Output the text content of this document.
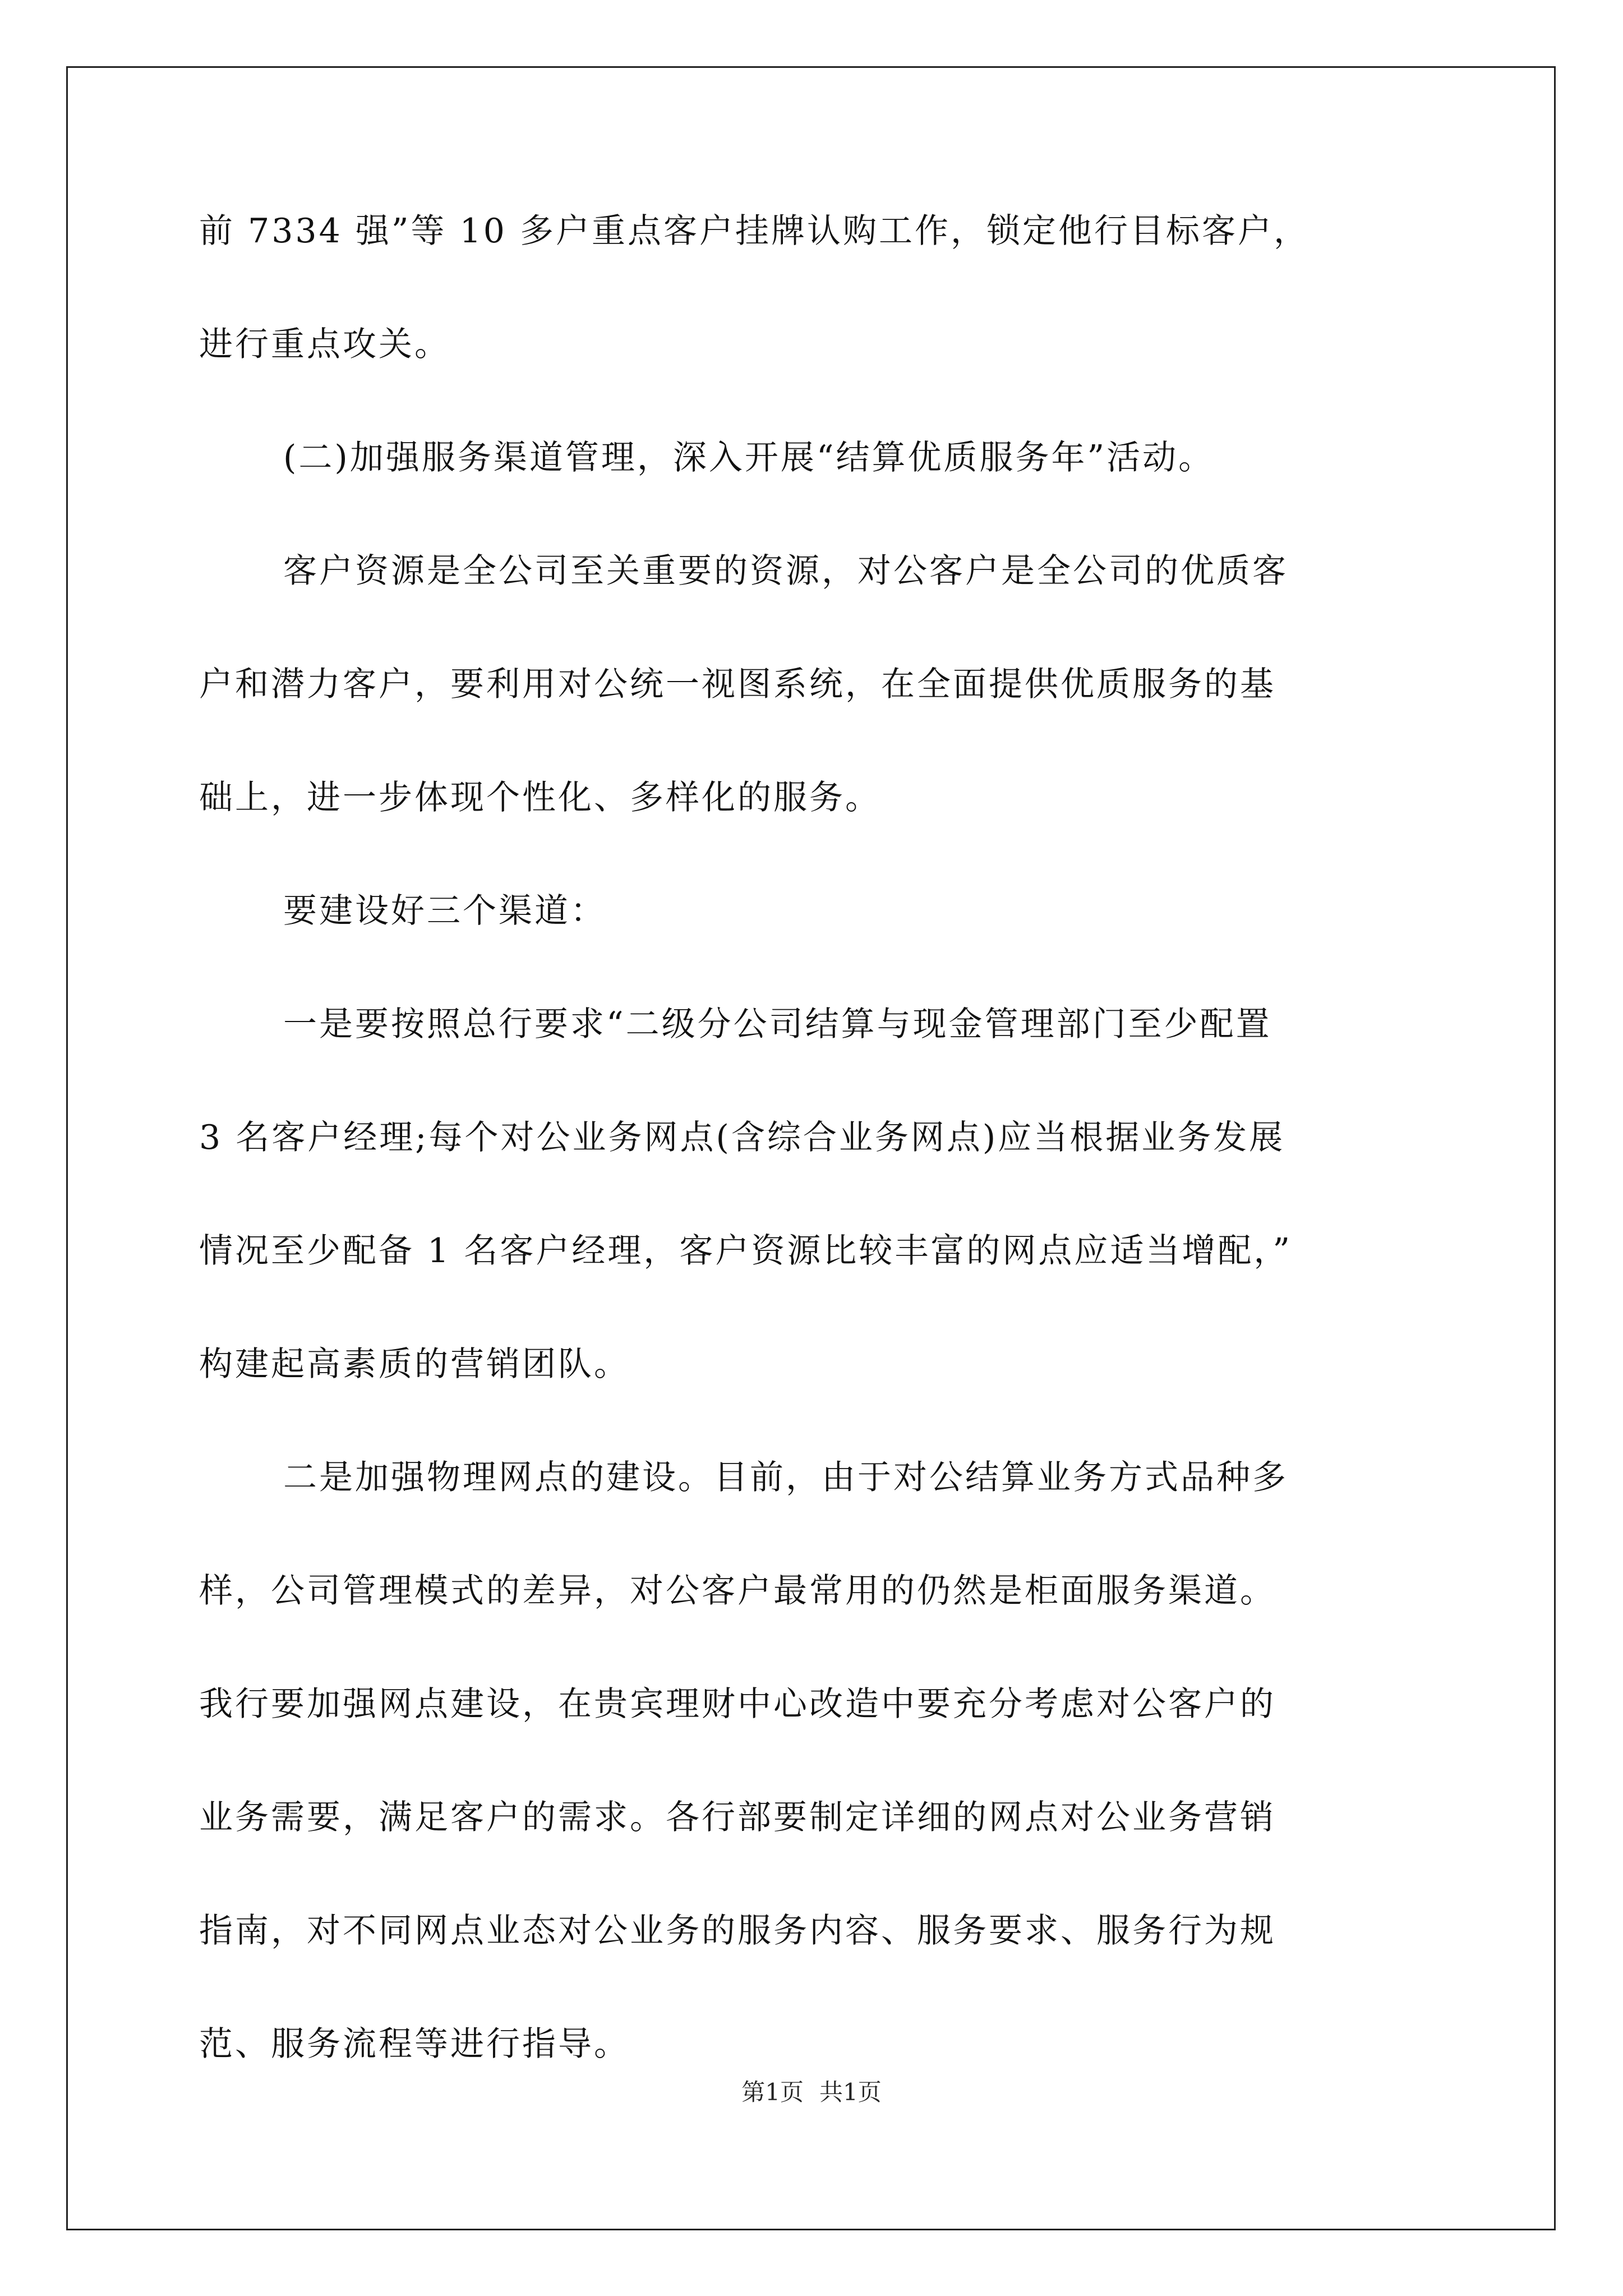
前 7334 强”等 10 多户重点客户挂牌认购工作，锁定他行目标客户，
进行重点攻关。
(二)加强服务渠道管理，深入开展“结算优质服务年”活动。
客户资源是全公司至关重要的资源，对公客户是全公司的优质客
户和潜力客户，要利用对公统一视图系统，在全面提供优质服务的基
础上，进一步体现个性化、多样化的服务。
要建设好三个渠道：
一是要按照总行要求“二级分公司结算与现金管理部门至少配置
3 名客户经理;每个对公业务网点(含综合业务网点)应当根据业务发展
情况至少配备 1 名客户经理，客户资源比较丰富的网点应适当增配，”
构建起高素质的营销团队。
二是加强物理网点的建设。目前，由于对公结算业务方式品种多
样，公司管理模式的差异，对公客户最常用的仍然是柜面服务渠道。
我行要加强网点建设，在贵宾理财中心改造中要充分考虑对公客户的
业务需要，满足客户的需求。各行部要制定详细的网点对公业务营销
指南，对不同网点业态对公业务的服务内容、服务要求、服务行为规
范、服务流程等进行指导。
第1页 共1页
